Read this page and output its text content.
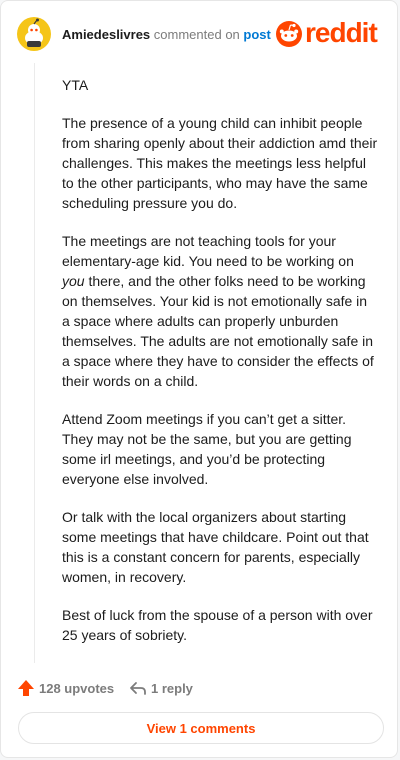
Amiedeslivres commented on post reddit

YTA

The presence of a young child can inhibit people from sharing openly about their addiction amd their challenges. This makes the meetings less helpful to the other participants, who may have the same scheduling pressure you do.

The meetings are not teaching tools for your elementary-age kid. You need to be working on you there, and the other folks need to be working on themselves. Your kid is not emotionally safe in a space where adults can properly unburden themselves. The adults are not emotionally safe in a space where they have to consider the effects of their words on a child.

Attend Zoom meetings if you can’t get a sitter. They may not be the same, but you are getting some irl meetings, and you’d be protecting everyone else involved.

Or talk with the local organizers about starting some meetings that have childcare. Point out that this is a constant concern for parents, especially women, in recovery.

Best of luck from the spouse of a person with over 25 years of sobriety.

128 upvotes	1 reply
View 1 comments
